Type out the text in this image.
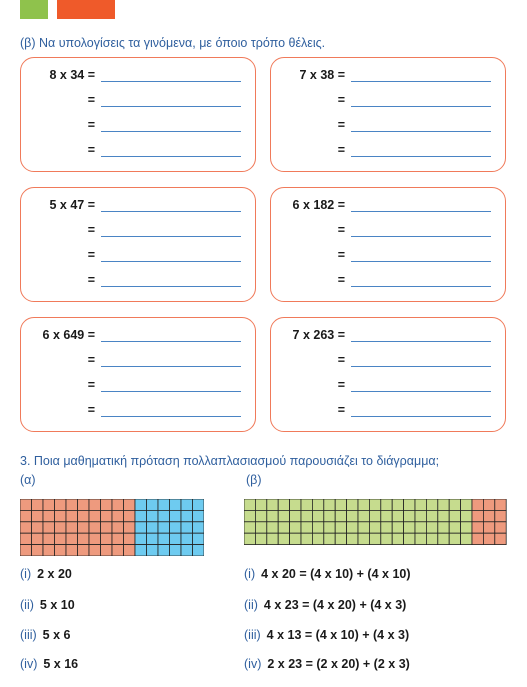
(β) Να υπολογίσεις τα γινόμενα, με όποιο τρόπο θέλεις.
8 x 34 =
=
=
=
7 x 38 =
=
=
=
5 x 47 =
=
=
=
6 x 182 =
=
=
=
6 x 649 =
=
=
=
7 x 263 =
=
=
=
3. Ποια μαθηματική πρόταση πολλαπλασιασμού παρουσιάζει το διάγραμμα;
(α)	(β)
(i) 2 x 20
(ii) 5 x 10
(iii) 5 x 6
(iv) 5 x 16
(i) 4 x 20 = (4 x 10) + (4 x 10)
(ii) 4 x 23 = (4 x 20) + (4 x 3)
(iii) 4 x 13 = (4 x 10) + (4 x 3)
(iv) 2 x 23 = (2 x 20) + (2 x 3)
